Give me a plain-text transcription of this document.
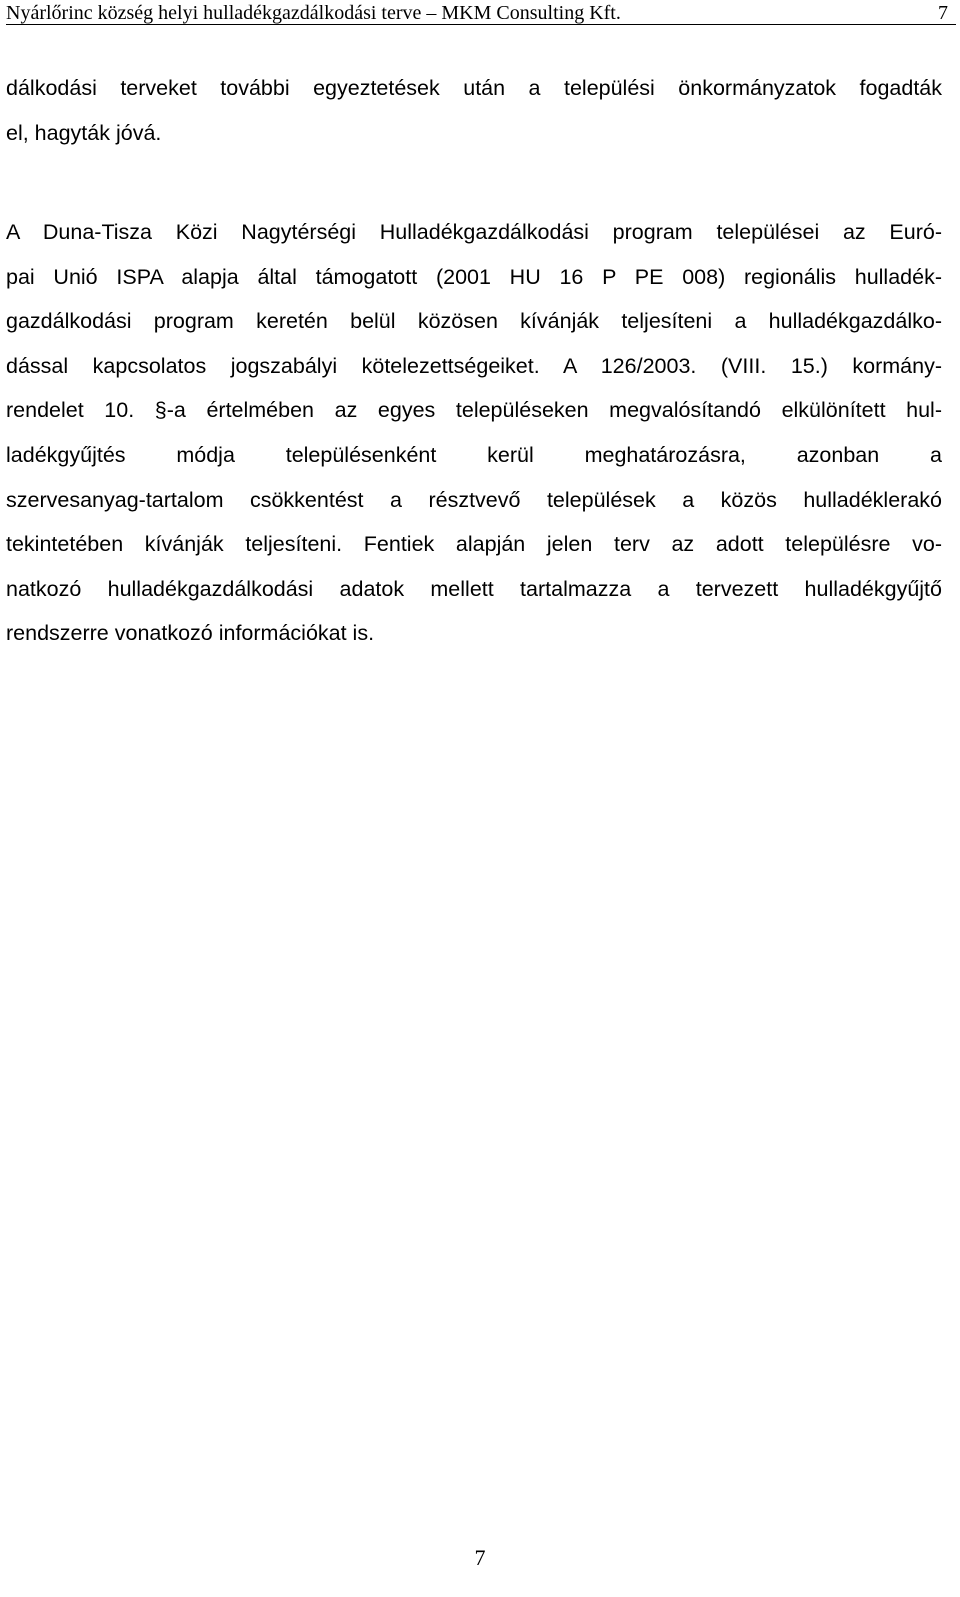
Nyárlőrinc község helyi hulladékgazdálkodási terve – MKM Consulting Kft.	7
dálkodási terveket további egyeztetések után a települési önkormányzatok fogadták
el, hagyták jóvá.
A Duna-Tisza Közi Nagytérségi Hulladékgazdálkodási program települései az Euró-
pai Unió ISPA alapja által támogatott (2001 HU 16 P PE 008) regionális hulladék-
gazdálkodási program keretén belül közösen kívánják teljesíteni a hulladékgazdálko-
dással kapcsolatos jogszabályi kötelezettségeiket. A 126/2003. (VIII. 15.) kormány-
rendelet 10. §-a értelmében az egyes településeken megvalósítandó elkülönített hul-
ladékgyűjtés módja településenként kerül meghatározásra, azonban a
szervesanyag-tartalom csökkentést a résztvevő települések a közös hulladéklerakó
tekintetében kívánják teljesíteni. Fentiek alapján jelen terv az adott településre vo-
natkozó hulladékgazdálkodási adatok mellett tartalmazza a tervezett hulladékgyűjtő
rendszerre vonatkozó információkat is.
7
